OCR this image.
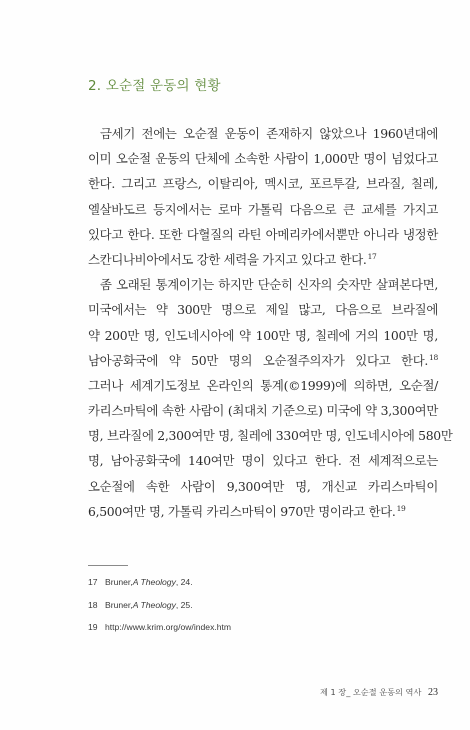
2. 오순절 운동의 현황
금세기 전에는 오순절 운동이 존재하지 않았으나 1960년대에
이미 오순절 운동의 단체에 소속한 사람이 1,000만 명이 넘었다고
한다. 그리고 프랑스, 이탈리아, 멕시코, 포르투갈, 브라질, 칠레,
엘살바도르 등지에서는 로마 가톨릭 다음으로 큰 교세를 가지고
있다고 한다. 또한 다혈질의 라틴 아메리카에서뿐만 아니라 냉정한
스칸디나비아에서도 강한 세력을 가지고 있다고 한다.$^{17}$
좀 오래된 통계이기는 하지만 단순히 신자의 숫자만 살펴본다면,
미국에서는 약 300만 명으로 제일 많고, 다음으로 브라질에
약 200만 명, 인도네시아에 약 100만 명, 칠레에 거의 100만 명,
남아공화국에 약 50만 명의 오순절주의자가 있다고 한다.$^{18}$
그러나 세계기도정보 온라인의 통계(©1999)에 의하면, 오순절/
카리스마틱에 속한 사람이 (최대치 기준으로) 미국에 약 3,300여만
명, 브라질에 2,300여만 명, 칠레에 330여만 명, 인도네시아에 580만
명, 남아공화국에 140여만 명이 있다고 한다. 전 세계적으로는
오순절에 속한 사람이 9,300여만 명, 개신교 카리스마틱이
6,500여만 명, 가톨릭 카리스마틱이 970만 명이라고 한다.$^{19}$
17 Bruner, A Theology , 24.
18 Bruner, A Theology , 25.
19 http://www.krim.org/ow/index.htm
제 1 장_ 오순절 운동의 역사 23
